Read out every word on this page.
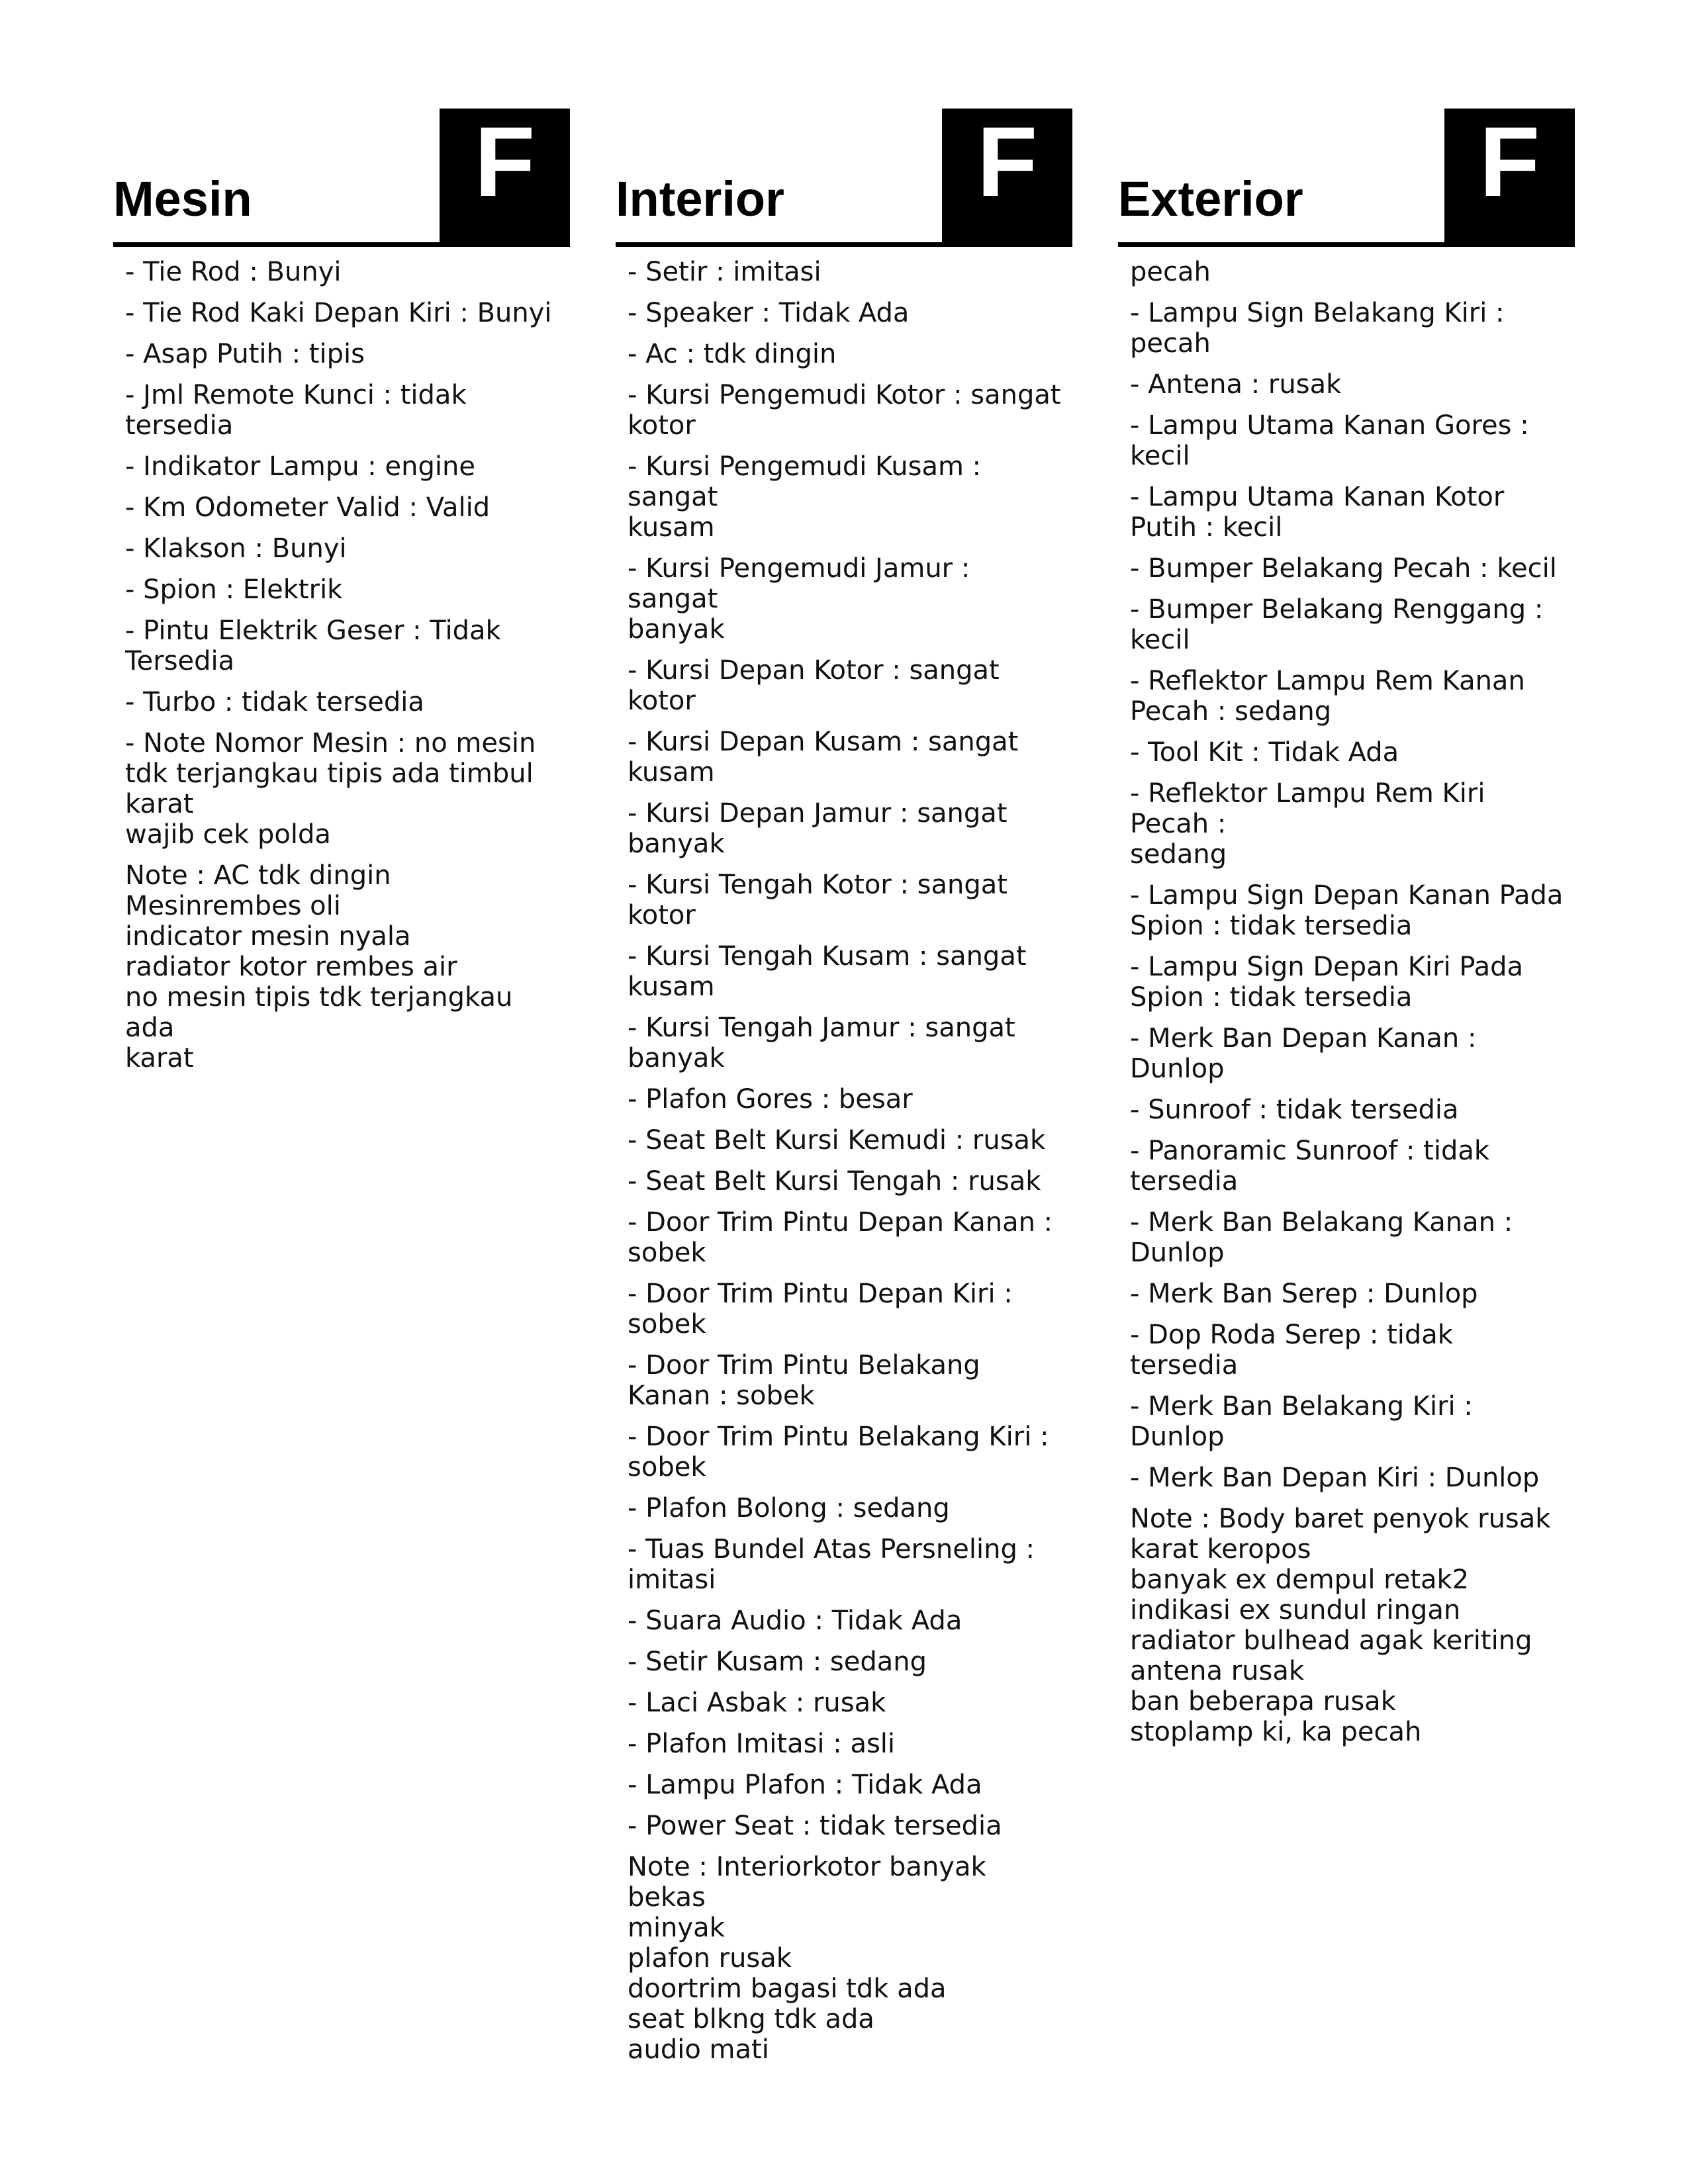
Mesin	F
- Tie Rod : Bunyi
- Tie Rod Kaki Depan Kiri : Bunyi
- Asap Putih : tipis
- Jml Remote Kunci : tidak
tersedia
- Indikator Lampu : engine
- Km Odometer Valid : Valid
- Klakson : Bunyi
- Spion : Elektrik
- Pintu Elektrik Geser : Tidak
Tersedia
- Turbo : tidak tersedia
- Note Nomor Mesin : no mesin
tdk terjangkau tipis ada timbul
karat
wajib cek polda
Note : AC tdk dingin
Mesinrembes oli
indicator mesin nyala
radiator kotor rembes air
no mesin tipis tdk terjangkau ada
karat
Interior	F
- Setir : imitasi
- Speaker : Tidak Ada
- Ac : tdk dingin
- Kursi Pengemudi Kotor : sangat
kotor
- Kursi Pengemudi Kusam : sangat
kusam
- Kursi Pengemudi Jamur : sangat
banyak
- Kursi Depan Kotor : sangat kotor
- Kursi Depan Kusam : sangat
kusam
- Kursi Depan Jamur : sangat
banyak
- Kursi Tengah Kotor : sangat kotor
- Kursi Tengah Kusam : sangat
kusam
- Kursi Tengah Jamur : sangat
banyak
- Plafon Gores : besar
- Seat Belt Kursi Kemudi : rusak
- Seat Belt Kursi Tengah : rusak
- Door Trim Pintu Depan Kanan :
sobek
- Door Trim Pintu Depan Kiri :
sobek
- Door Trim Pintu Belakang
Kanan : sobek
- Door Trim Pintu Belakang Kiri :
sobek
- Plafon Bolong : sedang
- Tuas Bundel Atas Persneling :
imitasi
- Suara Audio : Tidak Ada
- Setir Kusam : sedang
- Laci Asbak : rusak
- Plafon Imitasi : asli
- Lampu Plafon : Tidak Ada
- Power Seat : tidak tersedia
Note : Interiorkotor banyak bekas
minyak
plafon rusak
doortrim bagasi tdk ada
seat blkng tdk ada
audio mati
Exterior	F
pecah
- Lampu Sign Belakang Kiri : pecah
- Antena : rusak
- Lampu Utama Kanan Gores :
kecil
- Lampu Utama Kanan Kotor
Putih : kecil
- Bumper Belakang Pecah : kecil
- Bumper Belakang Renggang :
kecil
- Reflektor Lampu Rem Kanan
Pecah : sedang
- Tool Kit : Tidak Ada
- Reflektor Lampu Rem Kiri Pecah :
sedang
- Lampu Sign Depan Kanan Pada
Spion : tidak tersedia
- Lampu Sign Depan Kiri Pada
Spion : tidak tersedia
- Merk Ban Depan Kanan : Dunlop
- Sunroof : tidak tersedia
- Panoramic Sunroof : tidak
tersedia
- Merk Ban Belakang Kanan :
Dunlop
- Merk Ban Serep : Dunlop
- Dop Roda Serep : tidak tersedia
- Merk Ban Belakang Kiri : Dunlop
- Merk Ban Depan Kiri : Dunlop
Note : Body baret penyok rusak
karat keropos
banyak ex dempul retak2
indikasi ex sundul ringan
radiator bulhead agak keriting
antena rusak
ban beberapa rusak
stoplamp ki, ka pecah
